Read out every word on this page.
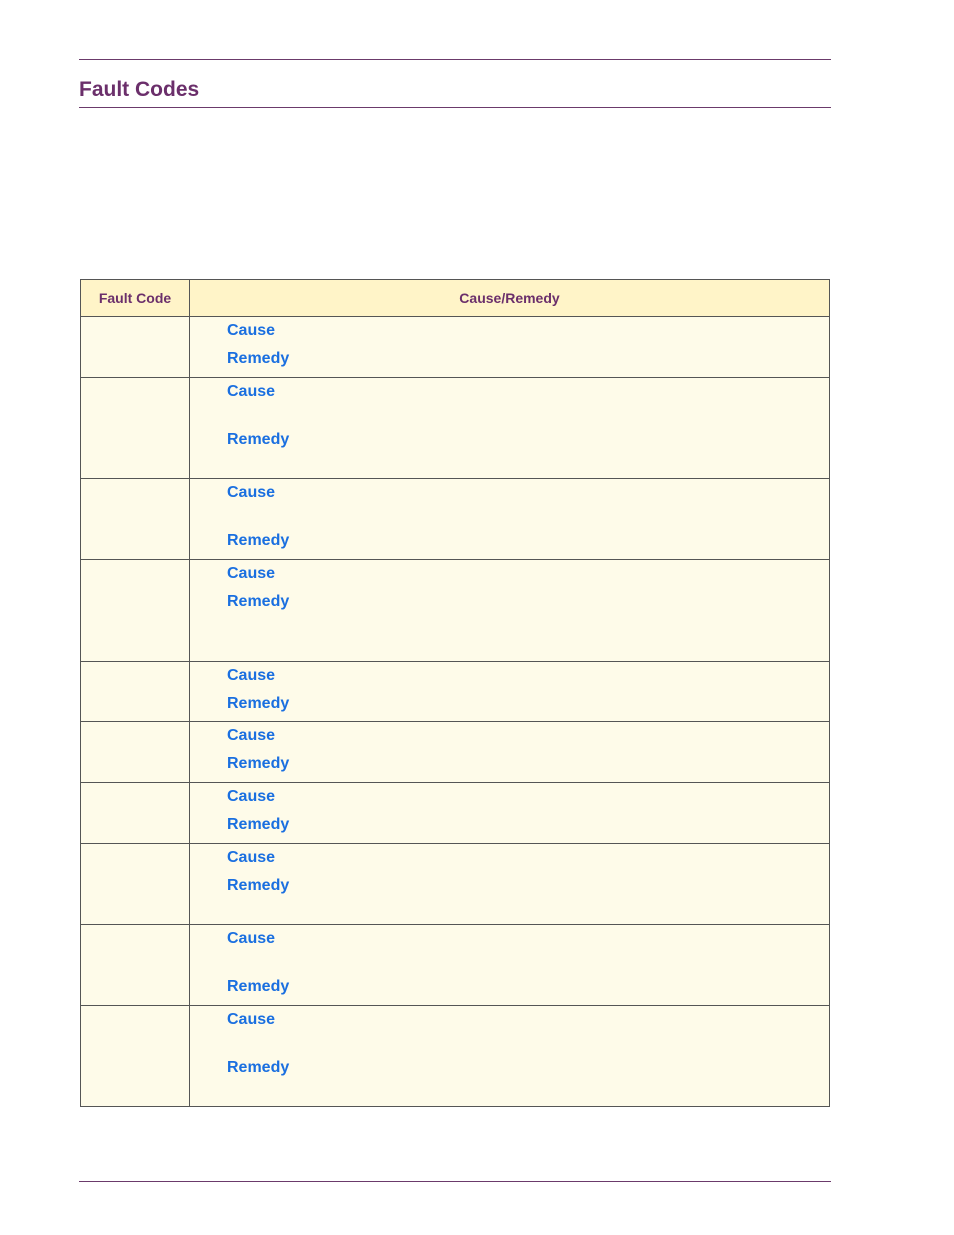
Fault Codes
Fault Code	Cause/Remedy

	Cause
Remedy

	Cause
Remedy

	Cause
Remedy

	Cause
Remedy

	Cause
Remedy

	Cause
Remedy

	Cause
Remedy

	Cause
Remedy

	Cause
Remedy

	Cause
Remedy
